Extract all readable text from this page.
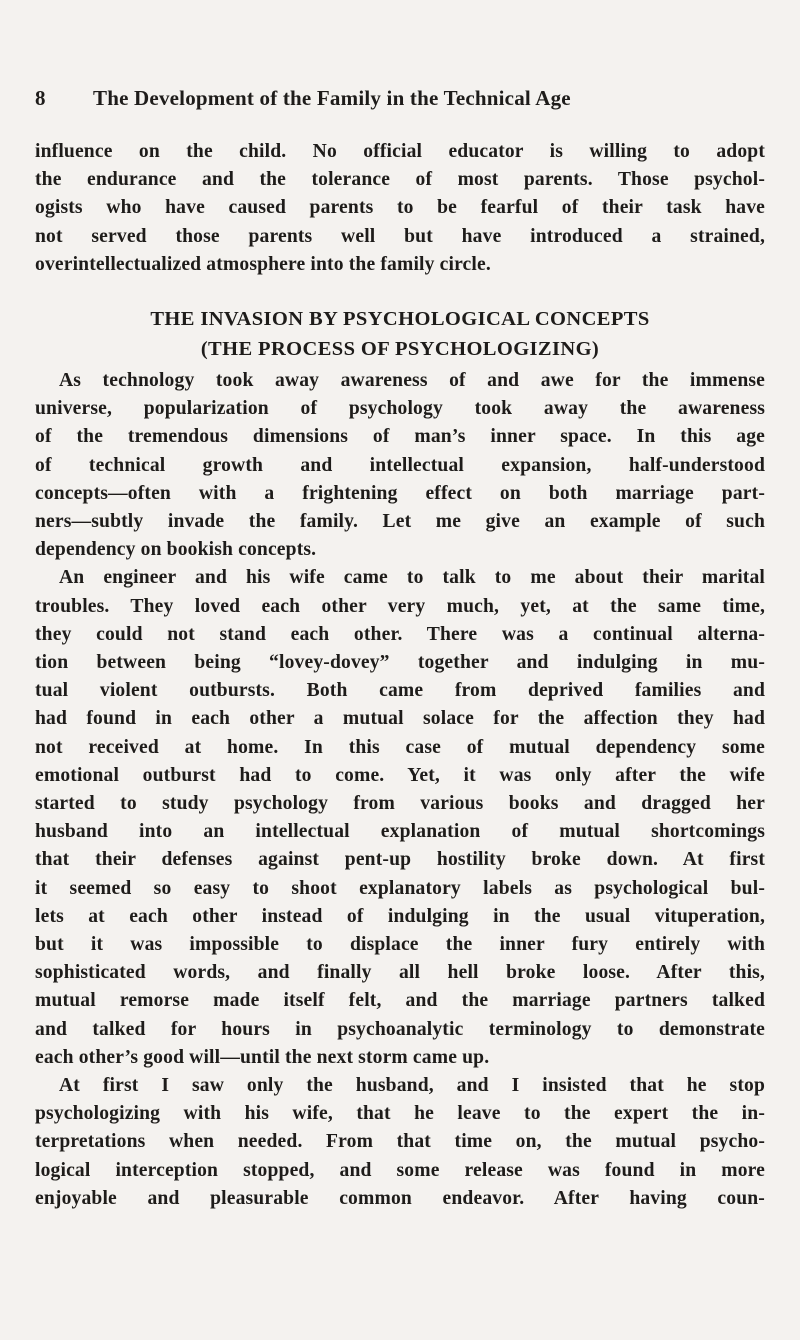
8 The Development of the Family in the Technical Age
influence on the child. No official educator is willing to adopt
the endurance and the tolerance of most parents. Those psychol-
ogists who have caused parents to be fearful of their task have
not served those parents well but have introduced a strained,
overintellectualized atmosphere into the family circle.
THE INVASION BY PSYCHOLOGICAL CONCEPTS
(THE PROCESS OF PSYCHOLOGIZING)
As technology took away awareness of and awe for the immense
universe, popularization of psychology took away the awareness
of the tremendous dimensions of man’s inner space. In this age
of technical growth and intellectual expansion, half-understood
concepts—often with a frightening effect on both marriage part-
ners—subtly invade the family. Let me give an example of such
dependency on bookish concepts.
An engineer and his wife came to talk to me about their marital
troubles. They loved each other very much, yet, at the same time,
they could not stand each other. There was a continual alterna-
tion between being “lovey-dovey” together and indulging in mu-
tual violent outbursts. Both came from deprived families and
had found in each other a mutual solace for the affection they had
not received at home. In this case of mutual dependency some
emotional outburst had to come. Yet, it was only after the wife
started to study psychology from various books and dragged her
husband into an intellectual explanation of mutual shortcomings
that their defenses against pent-up hostility broke down. At first
it seemed so easy to shoot explanatory labels as psychological bul-
lets at each other instead of indulging in the usual vituperation,
but it was impossible to displace the inner fury entirely with
sophisticated words, and finally all hell broke loose. After this,
mutual remorse made itself felt, and the marriage partners talked
and talked for hours in psychoanalytic terminology to demonstrate
each other’s good will—until the next storm came up.
At first I saw only the husband, and I insisted that he stop
psychologizing with his wife, that he leave to the expert the in-
terpretations when needed. From that time on, the mutual psycho-
logical interception stopped, and some release was found in more
enjoyable and pleasurable common endeavor. After having coun-
